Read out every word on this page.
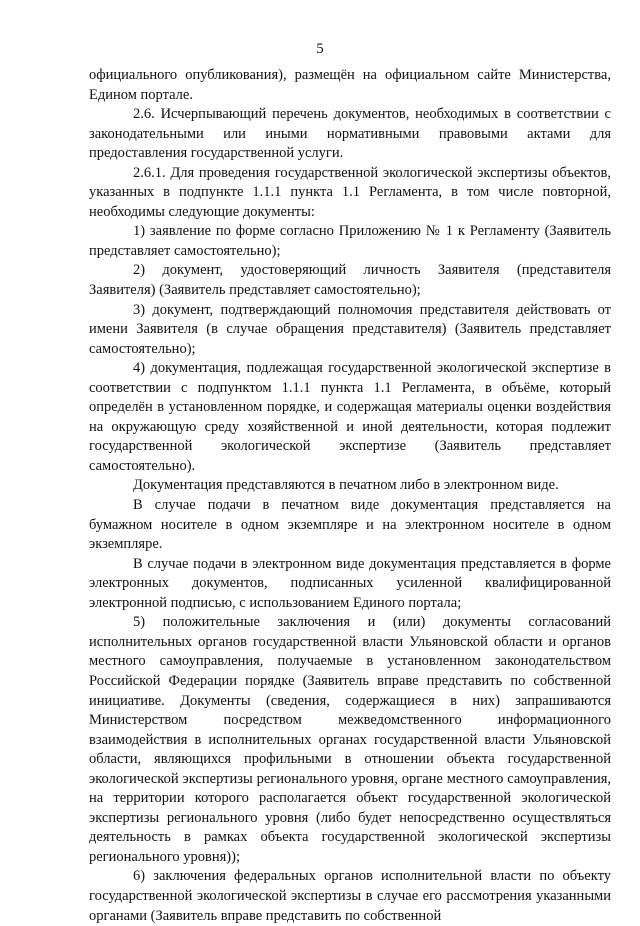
5

официального опубликования), размещён на официальном сайте Министерства, Едином портале.

2.6. Исчерпывающий перечень документов, необходимых в соответствии с законодательными или иными нормативными правовыми актами для предоставления государственной услуги.

2.6.1. Для проведения государственной экологической экспертизы объектов, указанных в подпункте 1.1.1 пункта 1.1 Регламента, в том числе повторной, необходимы следующие документы:

1) заявление по форме согласно Приложению № 1 к Регламенту (Заявитель представляет самостоятельно);

2) документ, удостоверяющий личность Заявителя (представителя Заявителя) (Заявитель представляет самостоятельно);

3) документ, подтверждающий полномочия представителя действовать от имени Заявителя (в случае обращения представителя) (Заявитель представляет самостоятельно);

4) документация, подлежащая государственной экологической экспертизе в соответствии с подпунктом 1.1.1 пункта 1.1 Регламента, в объёме, который определён в установленном порядке, и содержащая материалы оценки воздействия на окружающую среду хозяйственной и иной деятельности, которая подлежит государственной экологической экспертизе (Заявитель представляет самостоятельно).

Документация представляются в печатном либо в электронном виде.

В случае подачи в печатном виде документация представляется на бумажном носителе в одном экземпляре и на электронном носителе в одном экземпляре.

В случае подачи в электронном виде документация представляется в форме электронных документов, подписанных усиленной квалифицированной электронной подписью, с использованием Единого портала;

5) положительные заключения и (или) документы согласований исполнительных органов государственной власти Ульяновской области и органов местного самоуправления, получаемые в установленном законодательством Российской Федерации порядке (Заявитель вправе представить по собственной инициативе. Документы (сведения, содержащиеся в них) запрашиваются Министерством посредством межведомственного информационного взаимодействия в исполнительных органах государственной власти Ульяновской области, являющихся профильными в отношении объекта государственной экологической экспертизы регионального уровня, органе местного самоуправления, на территории которого располагается объект государственной экологической экспертизы регионального уровня (либо будет непосредственно осуществляться деятельность в рамках объекта государственной экологической экспертизы регионального уровня));

6) заключения федеральных органов исполнительной власти по объекту государственной экологической экспертизы в случае его рассмотрения указанными органами (Заявитель вправе представить по собственной
